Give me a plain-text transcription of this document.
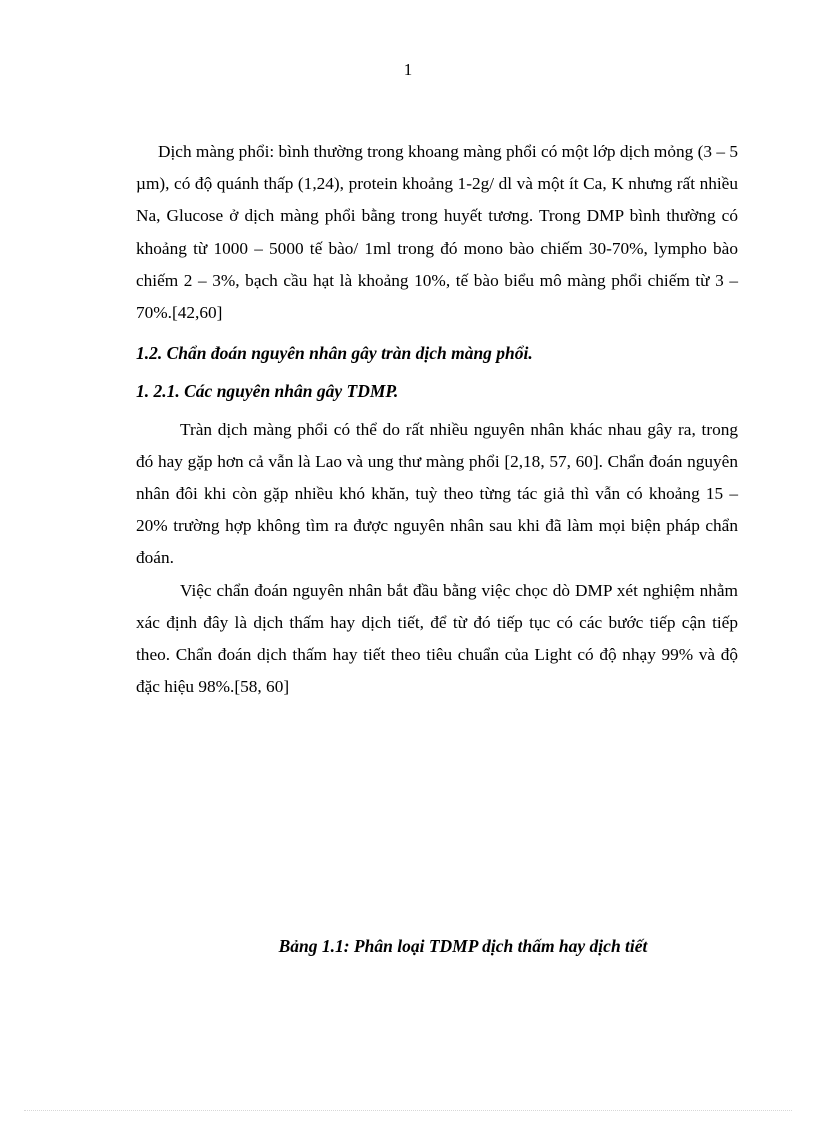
1

Dịch màng phổi: bình thường trong khoang màng phổi có một lớp dịch mỏng (3 – 5 µm), có độ quánh thấp (1,24), protein khoảng 1-2g/ dl và một ít Ca, K nhưng rất nhiều Na, Glucose ở dịch màng phổi bằng trong huyết tương. Trong DMP bình thường có khoảng từ 1000 – 5000 tế bào/ 1ml trong đó mono bào chiếm 30-70%, lympho bào chiếm 2 – 3%, bạch cầu hạt là khoảng 10%, tế bào biểu mô màng phổi chiếm từ 3 – 70%.[42,60]

1.2. Chẩn đoán nguyên nhân gây tràn dịch màng phổi.

1. 2.1. Các nguyên nhân gây TDMP.

Tràn dịch màng phổi có thể do rất nhiều nguyên nhân khác nhau gây ra, trong đó hay gặp hơn cả vẫn là Lao và ung thư màng phổi [2,18, 57, 60]. Chẩn đoán nguyên nhân đôi khi còn gặp nhiều khó khăn, tuỳ theo từng tác giả thì vẫn có khoảng 15 – 20% trường hợp không tìm ra được nguyên nhân sau khi đã làm mọi biện pháp chẩn đoán.

Việc chẩn đoán nguyên nhân bắt đầu bằng việc chọc dò DMP xét nghiệm nhằm xác định đây là dịch thấm hay dịch tiết, để từ đó tiếp tục có các bước tiếp cận tiếp theo. Chẩn đoán dịch thấm hay tiết theo tiêu chuẩn của Light có độ nhạy 99% và độ đặc hiệu 98%.[58, 60]

Bảng 1.1: Phân loại TDMP dịch thấm hay dịch tiết
